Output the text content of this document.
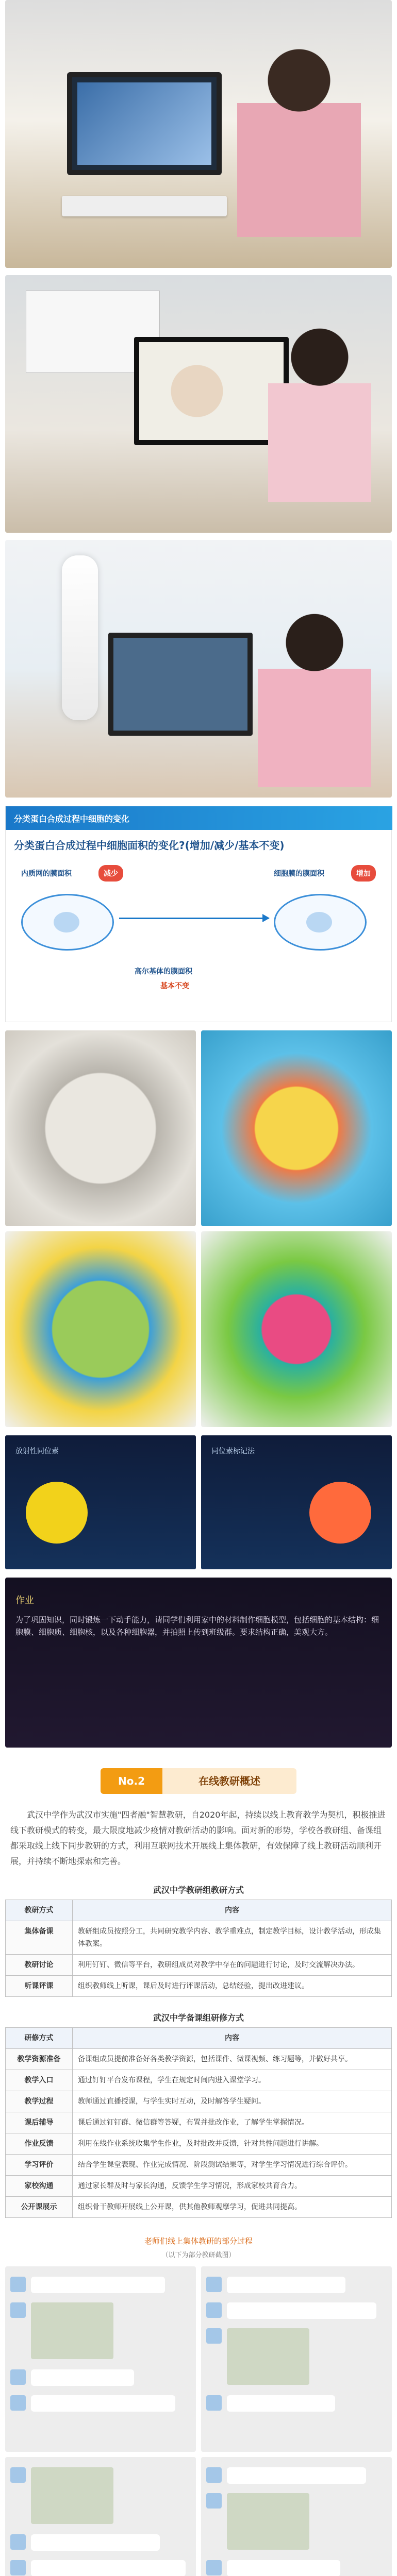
分类蛋白合成过程中细胞的变化
分类蛋白合成过程中细胞面积的变化?(增加/减少/基本不变)
内质网的膜面积	减少	细胞膜的膜面积	增加
高尔基体的膜面积
基本不变
放射性同位素	同位素标记法
作业
为了巩固知识，同时锻炼一下动手能力，请同学们利用家中的材料制作细胞模型，包括细胞的基本结构：细胞膜、细胞质、细胞核，以及各种细胞器，并拍照上传到班级群。要求结构正确，美观大方。
No.2	在线教研概述

武汉中学作为武汉市实施"四者融"智慧教研，自2020年起，持续以线上教育教学为契机，积极推进线下教研模式的转变，最大限度地减少疫情对教研活动的影响。面对新的形势，学校各教研组、备课组都采取线上线下同步教研的方式，利用互联网技术开展线上集体教研，有效保障了线上教研活动顺利开展，并持续不断地探索和完善。

武汉中学教研组教研方式
教研方式	内容
集体备课	教研组成员按照分工，共同研究教学内容、教学重难点，制定教学目标，设计教学活动，形成集体教案。
教研讨论	利用钉钉、微信等平台，教研组成员对教学中存在的问题进行讨论，及时交流解决办法。
听课评课	组织教师线上听课，课后及时进行评课活动，总结经验，提出改进建议。
武汉中学备课组研修方式
研修方式	内容
教学资源准备	备课组成员提前准备好各类教学资源，包括课件、微课视频、练习题等，并做好共享。
教学入口	通过钉钉平台发布课程，学生在规定时间内进入课堂学习。
教学过程	教师通过直播授课，与学生实时互动，及时解答学生疑问。
课后辅导	课后通过钉钉群、微信群等答疑，布置并批改作业，了解学生掌握情况。
作业反馈	利用在线作业系统收集学生作业，及时批改并反馈，针对共性问题进行讲解。
学习评价	结合学生课堂表现、作业完成情况、阶段测试结果等，对学生学习情况进行综合评价。
家校沟通	通过家长群及时与家长沟通，反馈学生学习情况，形成家校共育合力。
公开课展示	组织骨干教师开展线上公开课，供其他教师观摩学习，促进共同提高。
老师们线上集体教研的部分过程
（以下为部分教研截图）
